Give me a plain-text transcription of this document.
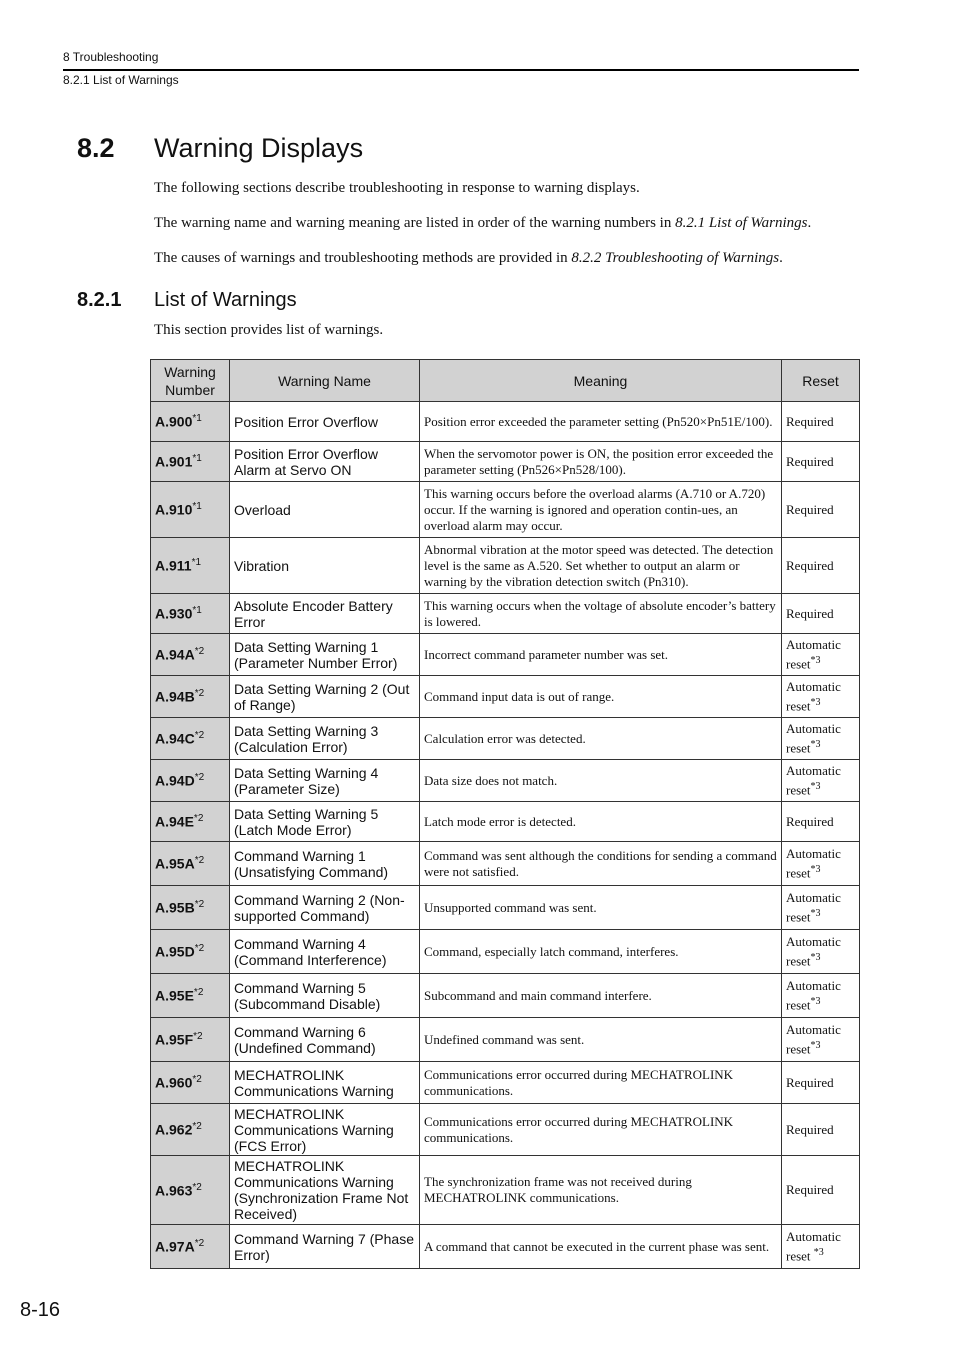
8 Troubleshooting
8.2.1 List of Warnings
8.2 Warning Displays
The following sections describe troubleshooting in response to warning displays.
The warning name and warning meaning are listed in order of the warning numbers in 8.2.1 List of Warnings.
The causes of warnings and troubleshooting methods are provided in 8.2.2 Troubleshooting of Warnings.
8.2.1 List of Warnings
This section provides list of warnings.
Warning
Number	Warning Name	Meaning	Reset
A.900$^{*1}$	Position Error Overflow	Position error exceeded the parameter setting (Pn520×Pn51E/100).	Required
A.901$^{*1}$	Position Error Overflow Alarm at Servo ON	When the servomotor power is ON, the position error exceeded the parameter setting (Pn526×Pn528/100).	Required
A.910$^{*1}$	Overload	This warning occurs before the overload alarms (A.710 or A.720) occur. If the warning is ignored and operation contin-ues, an overload alarm may occur.	Required
A.911$^{*1}$	Vibration	Abnormal vibration at the motor speed was detected. The detection level is the same as A.520. Set whether to output an alarm or warning by the vibration detection switch (Pn310).	Required
A.930$^{*1}$	Absolute Encoder Battery Error	This warning occurs when the voltage of absolute encoder’s battery is lowered.	Required
$A.94A^{*2}$	Data Setting Warning 1 (Parameter Number Error)	Incorrect command parameter number was set.	Automatic reset$^{*3}$
$A.94B^{*2}$	Data Setting Warning 2 (Out of Range)	Command input data is out of range.	Automatic reset$^{*3}$
$A.94C^{*2}$	Data Setting Warning 3 (Calculation Error)	Calculation error was detected.	Automatic reset$^{*3}$
$A.94D^{*2}$	Data Setting Warning 4 (Parameter Size)	Data size does not match.	Automatic reset$^{*3}$
$A.94E^{*2}$	Data Setting Warning 5 (Latch Mode Error)	Latch mode error is detected.	Required
$A.95A^{*2}$	Command Warning 1 (Unsatisfying Command)	Command was sent although the conditions for sending a command were not satisfied.	Automatic reset$^{*3}$
$A.95B^{*2}$	Command Warning 2 (Non-supported Command)	Unsupported command was sent.	Automatic reset$^{*3}$
$A.95D^{*2}$	Command Warning 4 (Command Interference)	Command, especially latch command, interferes.	Automatic reset$^{*3}$
$A.95E^{*2}$	Command Warning 5 (Subcommand Disable)	Subcommand and main command interfere.	Automatic reset$^{*3}$
$A.95F^{*2}$	Command Warning 6 (Undefined Command)	Undefined command was sent.	Automatic reset$^{*3}$
A.960$^{*2}$	MECHATROLINK Communications Warning	Communications error occurred during MECHATROLINK communications.	Required
A.962$^{*2}$	MECHATROLINK Communications Warning (FCS Error)	Communications error occurred during MECHATROLINK communications.	Required
A.963$^{*2}$	MECHATROLINK Communications Warning (Synchronization Frame Not Received)	The synchronization frame was not received during MECHATROLINK communications.	Required
$A.97A^{*2}$	Command Warning 7 (Phase Error)	A command that cannot be executed in the current phase was sent.	Automatic reset $^{*3}$
8-16
